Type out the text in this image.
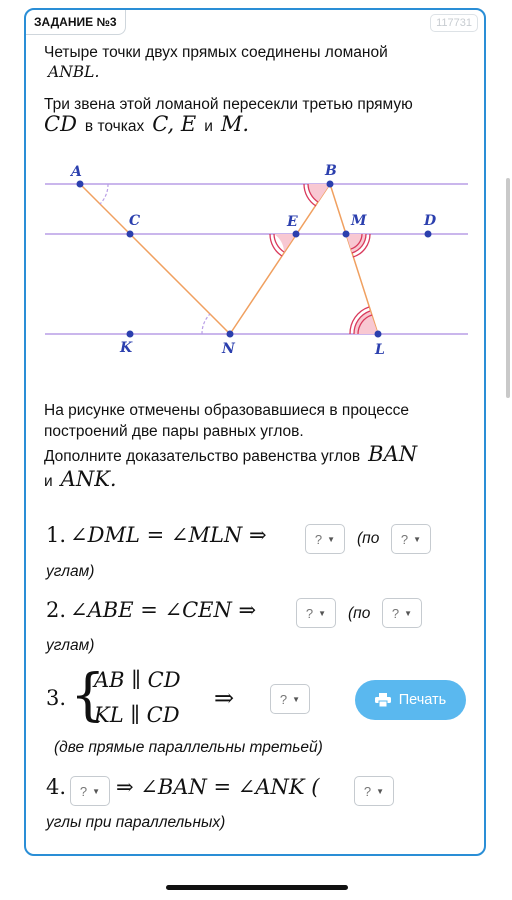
ЗАДАНИЕ №3	117731
Четыре точки двух прямых соединены ломаной
ANBL.
Три звена этой ломаной пересекли третью прямую
CD в точках C, E и M.
A	B
C	E	M	D
K	N	L
На рисунке отмечены образовавшиеся в процессе построений две пары равных углов.
Дополните доказательство равенства углов BAN
и ANK.
1. ∠DML = ∠MLN ⇒	? ▼ (по ? ▼
углам)
2. ∠ABE = ∠CEN ⇒	? ▼ (по ? ▼
углам)
3. {
AB ∥ CD
KL ∥ CD
⇒	? ▼
(две прямые параллельны третьей)
Печать
4. ? ▼ ⇒ ∠BAN = ∠ANK (	? ▼
углы при параллельных)
